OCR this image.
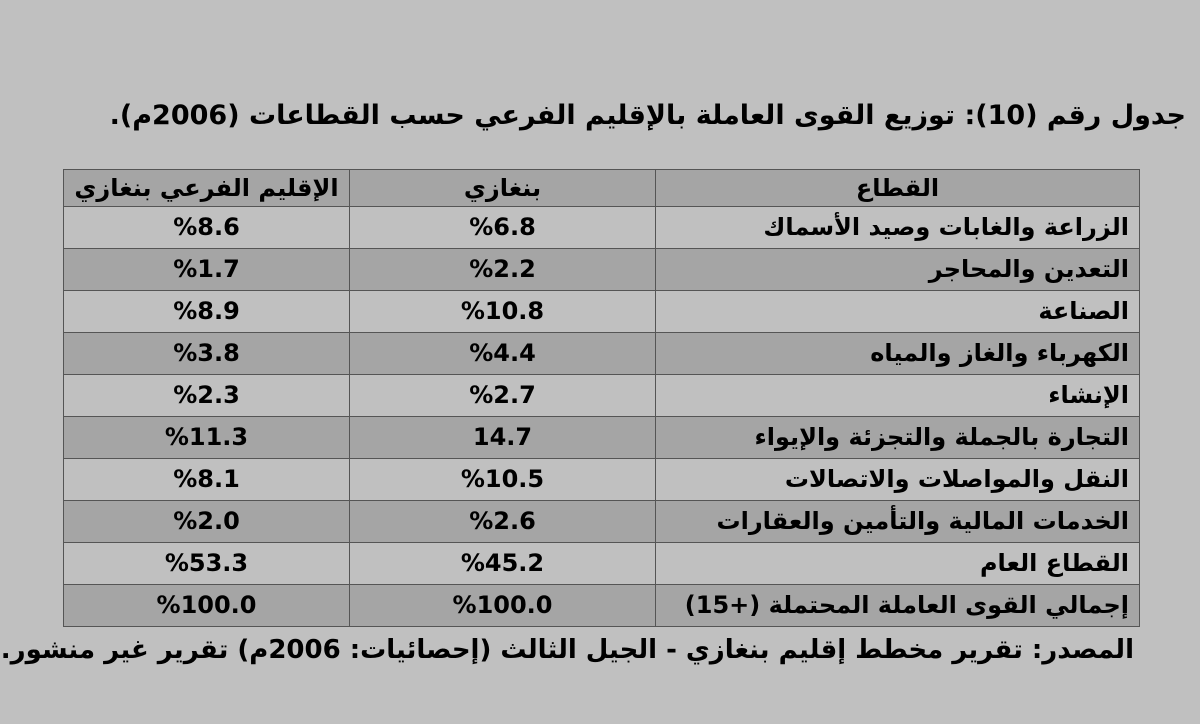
جدول رقم (10): توزيع القوى العاملة بالإقليم الفرعي حسب القطاعات (2006م).
القطاع	بنغازي	الإقليم الفرعي بنغازي
الزراعة والغابات وصيد الأسماك	%6.8	%8.6
التعدين والمحاجر	%2.2	%1.7
الصناعة	%10.8	%8.9
الكهرباء والغاز والمياه	%4.4	%3.8
الإنشاء	%2.7	%2.3
التجارة بالجملة والتجزئة والإيواء	14.7	%11.3
النقل والمواصلات والاتصالات	%10.5	%8.1
الخدمات المالية والتأمين والعقارات	%2.6	%2.0
القطاع العام	%45.2	%53.3
إجمالي القوى العاملة المحتملة (+15)	%100.0	%100.0
المصدر: تقرير مخطط إقليم بنغازي - الجيل الثالث (إحصائيات: 2006م) تقرير غير منشور.
